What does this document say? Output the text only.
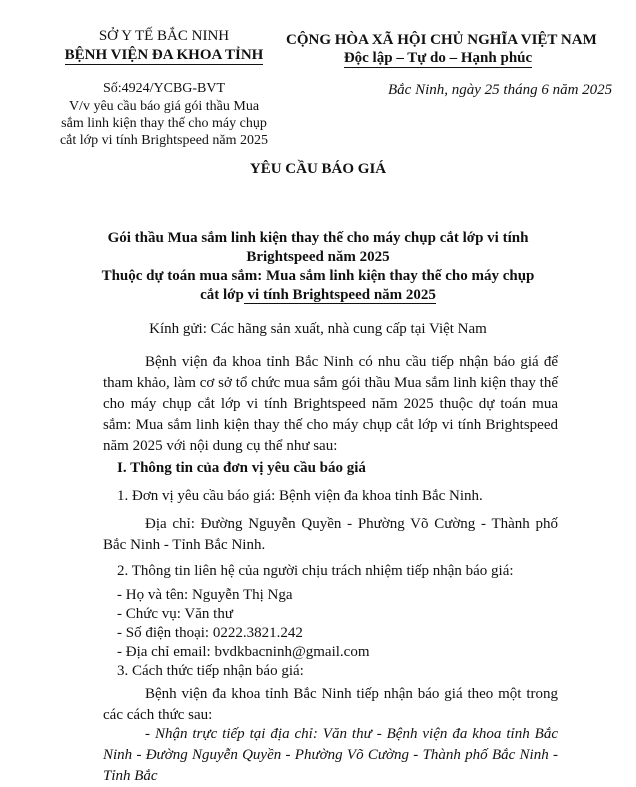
SỞ Y TẾ BẮC NINH
BỆNH VIỆN ĐA KHOA TỈNH
CỘNG HÒA XÃ HỘI CHỦ NGHĨA VIỆT NAM
Độc lập – Tự do – Hạnh phúc
Số:4924/YCBG-BVT
V/v yêu cầu báo giá gói thầu Mua
sắm linh kiện thay thế cho máy chụp
cắt lớp vi tính Brightspeed năm 2025
Bắc Ninh, ngày 25 tháng 6 năm 2025
YÊU CẦU BÁO GIÁ
Gói thầu Mua sắm linh kiện thay thế cho máy chụp cắt lớp vi tính
Brightspeed năm 2025
Thuộc dự toán mua sắm: Mua sắm linh kiện thay thế cho máy chụp
cắt lớp vi tính Brightspeed năm 2025
Kính gửi: Các hãng sản xuất, nhà cung cấp tại Việt Nam
Bệnh viện đa khoa tỉnh Bắc Ninh có nhu cầu tiếp nhận báo giá để tham khảo, làm cơ sở tổ chức mua sắm gói thầu Mua sắm linh kiện thay thế cho máy chụp cắt lớp vi tính Brightspeed năm 2025 thuộc dự toán mua sắm: Mua sắm linh kiện thay thế cho máy chụp cắt lớp vi tính Brightspeed năm 2025 với nội dung cụ thể như sau:
I. Thông tin của đơn vị yêu cầu báo giá
1. Đơn vị yêu cầu báo giá: Bệnh viện đa khoa tỉnh Bắc Ninh.
Địa chỉ: Đường Nguyễn Quyền - Phường Võ Cường - Thành phố Bắc Ninh - Tỉnh Bắc Ninh.
2. Thông tin liên hệ của người chịu trách nhiệm tiếp nhận báo giá:
- Họ và tên: Nguyễn Thị Nga
- Chức vụ: Văn thư
- Số điện thoại: 0222.3821.242
- Địa chỉ email: bvdkbacninh@gmail.com
3. Cách thức tiếp nhận báo giá:
Bệnh viện đa khoa tỉnh Bắc Ninh tiếp nhận báo giá theo một trong các cách thức sau:
- Nhận trực tiếp tại địa chỉ: Văn thư - Bệnh viện đa khoa tỉnh Bắc Ninh - Đường Nguyễn Quyền - Phường Võ Cường - Thành phố Bắc Ninh - Tỉnh Bắc
